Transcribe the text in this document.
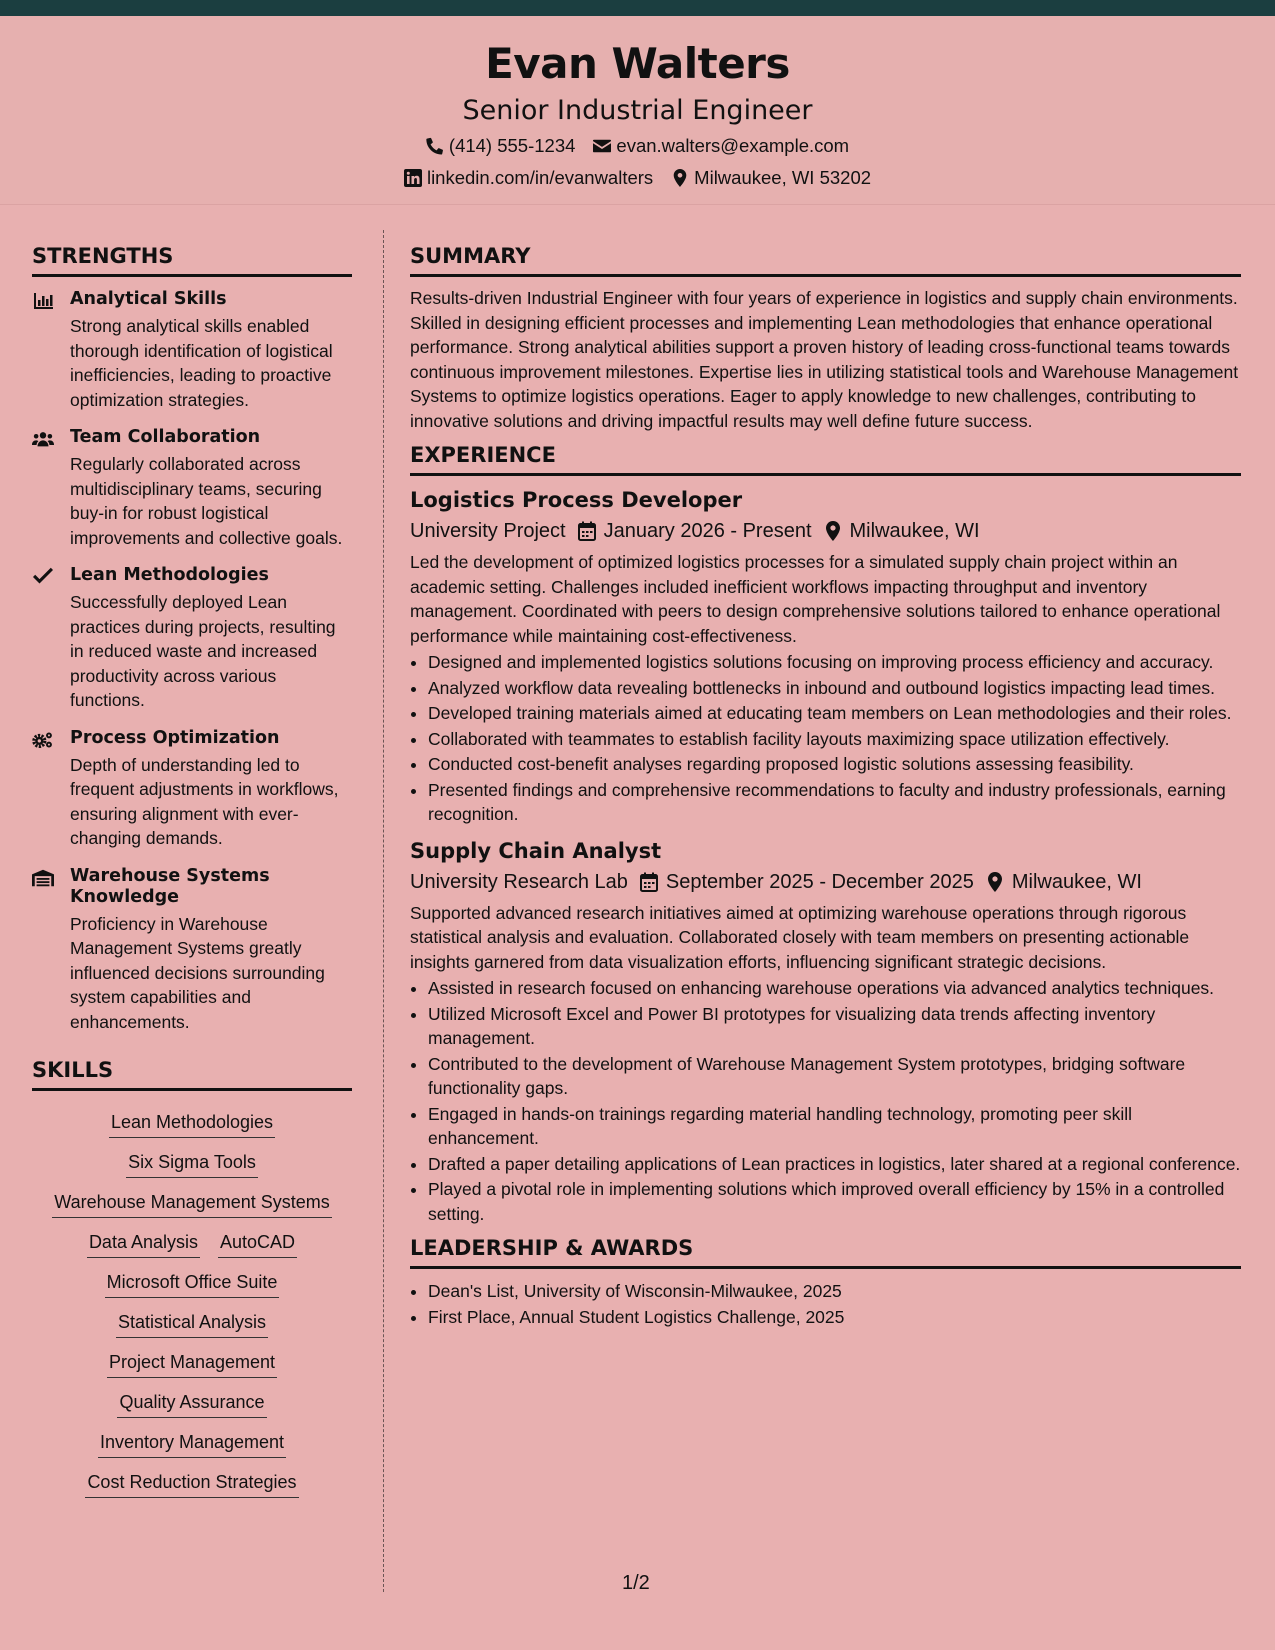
Evan Walters
Senior Industrial Engineer
(414) 555-1234 evan.walters@example.com
linkedin.com/in/evanwalters Milwaukee, WI 53202
STRENGTHS
Analytical Skills
Strong analytical skills enabled thorough identification of logistical inefficiencies, leading to proactive optimization strategies.
Team Collaboration
Regularly collaborated across multidisciplinary teams, securing buy-in for robust logistical improvements and collective goals.
Lean Methodologies
Successfully deployed Lean practices during projects, resulting in reduced waste and increased productivity across various functions.
Process Optimization
Depth of understanding led to frequent adjustments in workflows, ensuring alignment with ever-changing demands.
Warehouse Systems Knowledge
Proficiency in Warehouse Management Systems greatly influenced decisions surrounding system capabilities and enhancements.
SKILLS
Lean Methodologies
Six Sigma Tools
Warehouse Management Systems
Data Analysis AutoCAD
Microsoft Office Suite
Statistical Analysis
Project Management
Quality Assurance
Inventory Management
Cost Reduction Strategies
SUMMARY
Results-driven Industrial Engineer with four years of experience in logistics and supply chain environments. Skilled in designing efficient processes and implementing Lean methodologies that enhance operational performance. Strong analytical abilities support a proven history of leading cross-functional teams towards continuous improvement milestones. Expertise lies in utilizing statistical tools and Warehouse Management Systems to optimize logistics operations. Eager to apply knowledge to new challenges, contributing to innovative solutions and driving impactful results may well define future success.
EXPERIENCE
Logistics Process Developer
University Project January 2026 - Present Milwaukee, WI
Led the development of optimized logistics processes for a simulated supply chain project within an academic setting. Challenges included inefficient workflows impacting throughput and inventory management. Coordinated with peers to design comprehensive solutions tailored to enhance operational performance while maintaining cost-effectiveness.
• Designed and implemented logistics solutions focusing on improving process efficiency and accuracy.
• Analyzed workflow data revealing bottlenecks in inbound and outbound logistics impacting lead times.
• Developed training materials aimed at educating team members on Lean methodologies and their roles.
• Collaborated with teammates to establish facility layouts maximizing space utilization effectively.
• Conducted cost-benefit analyses regarding proposed logistic solutions assessing feasibility.
• Presented findings and comprehensive recommendations to faculty and industry professionals, earning recognition.
Supply Chain Analyst
University Research Lab September 2025 - December 2025 Milwaukee, WI
Supported advanced research initiatives aimed at optimizing warehouse operations through rigorous statistical analysis and evaluation. Collaborated closely with team members on presenting actionable insights garnered from data visualization efforts, influencing significant strategic decisions.
• Assisted in research focused on enhancing warehouse operations via advanced analytics techniques.
• Utilized Microsoft Excel and Power BI prototypes for visualizing data trends affecting inventory management.
• Contributed to the development of Warehouse Management System prototypes, bridging software functionality gaps.
• Engaged in hands-on trainings regarding material handling technology, promoting peer skill enhancement.
• Drafted a paper detailing applications of Lean practices in logistics, later shared at a regional conference.
• Played a pivotal role in implementing solutions which improved overall efficiency by 15% in a controlled setting.
LEADERSHIP & AWARDS
• Dean's List, University of Wisconsin-Milwaukee, 2025
• First Place, Annual Student Logistics Challenge, 2025
1/2
